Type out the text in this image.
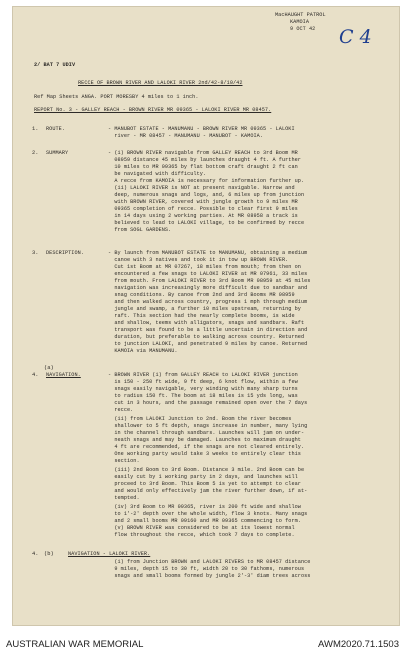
MacHAUGHT PATROL
KAMOIA
9 OCT 42 C 4
2/ BAT 7 UDIV
RECCE OF BROWN RIVER AND LALOKI RIVER 2nd/42-8/10/42
Ref Map Sheets ANGA. PORT MORESBY 4 miles to 1 inch.
REPORT No. 3 - GALLEY REACH - BROWN RIVER MR 09365 - LALOKI RIVER MR 08457.
1. ROUTE.	- MANUBOT ESTATE - MANUMANU - BROWN RIVER MR 09365 - LALOKI
river - MR 08457 - MANUMANU - MANUBOT - KAMOIA.
2. SUMMARY	- (i) BROWN RIVER navigable from GALLEY REACH to 3rd Boom MR
08959 distance 45 miles by launches draught 4 ft. A further
10 miles to MR 09365 by flat bottom craft draught 2 ft can
be navigated with difficulty.
A recce from KAMOIA is necessary for information further up.
(ii) LALOKI RIVER is NOT at present navigable. Narrow and
deep, numerous snags and logs, and, 6 miles up from junction
with BROWN RIVER, covered with jungle growth to 9 miles MR
09365 completion of recce. Possible to clear first 9 miles
in 14 days using 2 working parties. At MR 08958 a track is
believed to lead to LALOKI village, to be confirmed by recce
from SOGL GARDENS.
3. DESCRIPTION.	- By launch from MANUBOT ESTATE to MANUMANU, obtaining a medium
canoe with 3 natives and took it in tow up BROWN RIVER.
Cut 1st Boom at MR 07267, 18 miles from mouth; from then on
encountered a few snags to LALOKI RIVER at MR 07961, 33 miles
from mouth. From LALOKI RIVER to 3rd Boom MR 08959 at 45 miles
navigation was increasingly more difficult due to sandbar and
snag conditions. By canoe from 2nd and 3rd Booms MR 08959
and then walked across country, progress 1 mph through medium
jungle and swamp, a further 10 miles upstream, returning by
raft. This section had the nearly complete booms, is wide
and shallow, teems with alligators, snags and sandbars. Raft
transport was found to be a little uncertain in direction and
duration, but preferable to walking across country. Returned
to junction LALOKI, and penetrated 9 miles by canoe. Returned
KAMOIA via MANUMANU.
(a)
4. NAVIGATION.	- BROWN RIVER (i) from GALLEY REACH to LALOKI RIVER junction
is 150 - 250 ft wide, 9 ft deep, 6 knot flow, within a few
snags easily navigable, very winding with many sharp turns
to radius 150 ft. The boom at 18 miles is 15 yds long, was
cut in 3 hours, and the passage remained open over the 7 days
recce.
(ii) from LALOKI Junction to 2nd. Boom the river becomes
shallower to 5 ft depth, snags increase in number, many lying
in the channel through sandbars. Launches will jam on under-
neath snags and may be damaged. Launches to maximum draught
4 ft are recommended, if the snags are not cleared entirely.
One working party would take 3 weeks to entirely clear this
section.
(iii) 2nd Boom to 3rd Boom. Distance 3 mile. 2nd Boom can be
easily cut by 1 working party in 2 days, and launches will
proceed to 3rd Boom. This Boom 5 is yet to attempt to clear
and would only effectively jam the river further down, if at-
tempted.
(iv) 3rd Boom to MR 09365, river is 200 ft wide and shallow
to 1'-2' depth over the whole width, flow 3 knots. Many snags
and 2 small booms MR 09160 and MR 09365 commencing to form.
(v) BROWN RIVER was considered to be at its lowest normal
flow throughout the recce, which took 7 days to complete.
4. (b)	NAVIGATION - LALOKI RIVER.
(i) from Junction BROWN and LALOKI RIVERS to MR 08457 distance
9 miles, depth 15 to 30 ft, width 20 to 30 fathoms, numerous
snags and small booms formed by jungle 2'-3' diam trees across
AUSTRALIAN WAR MEMORIAL	AWM2020.71.1503
